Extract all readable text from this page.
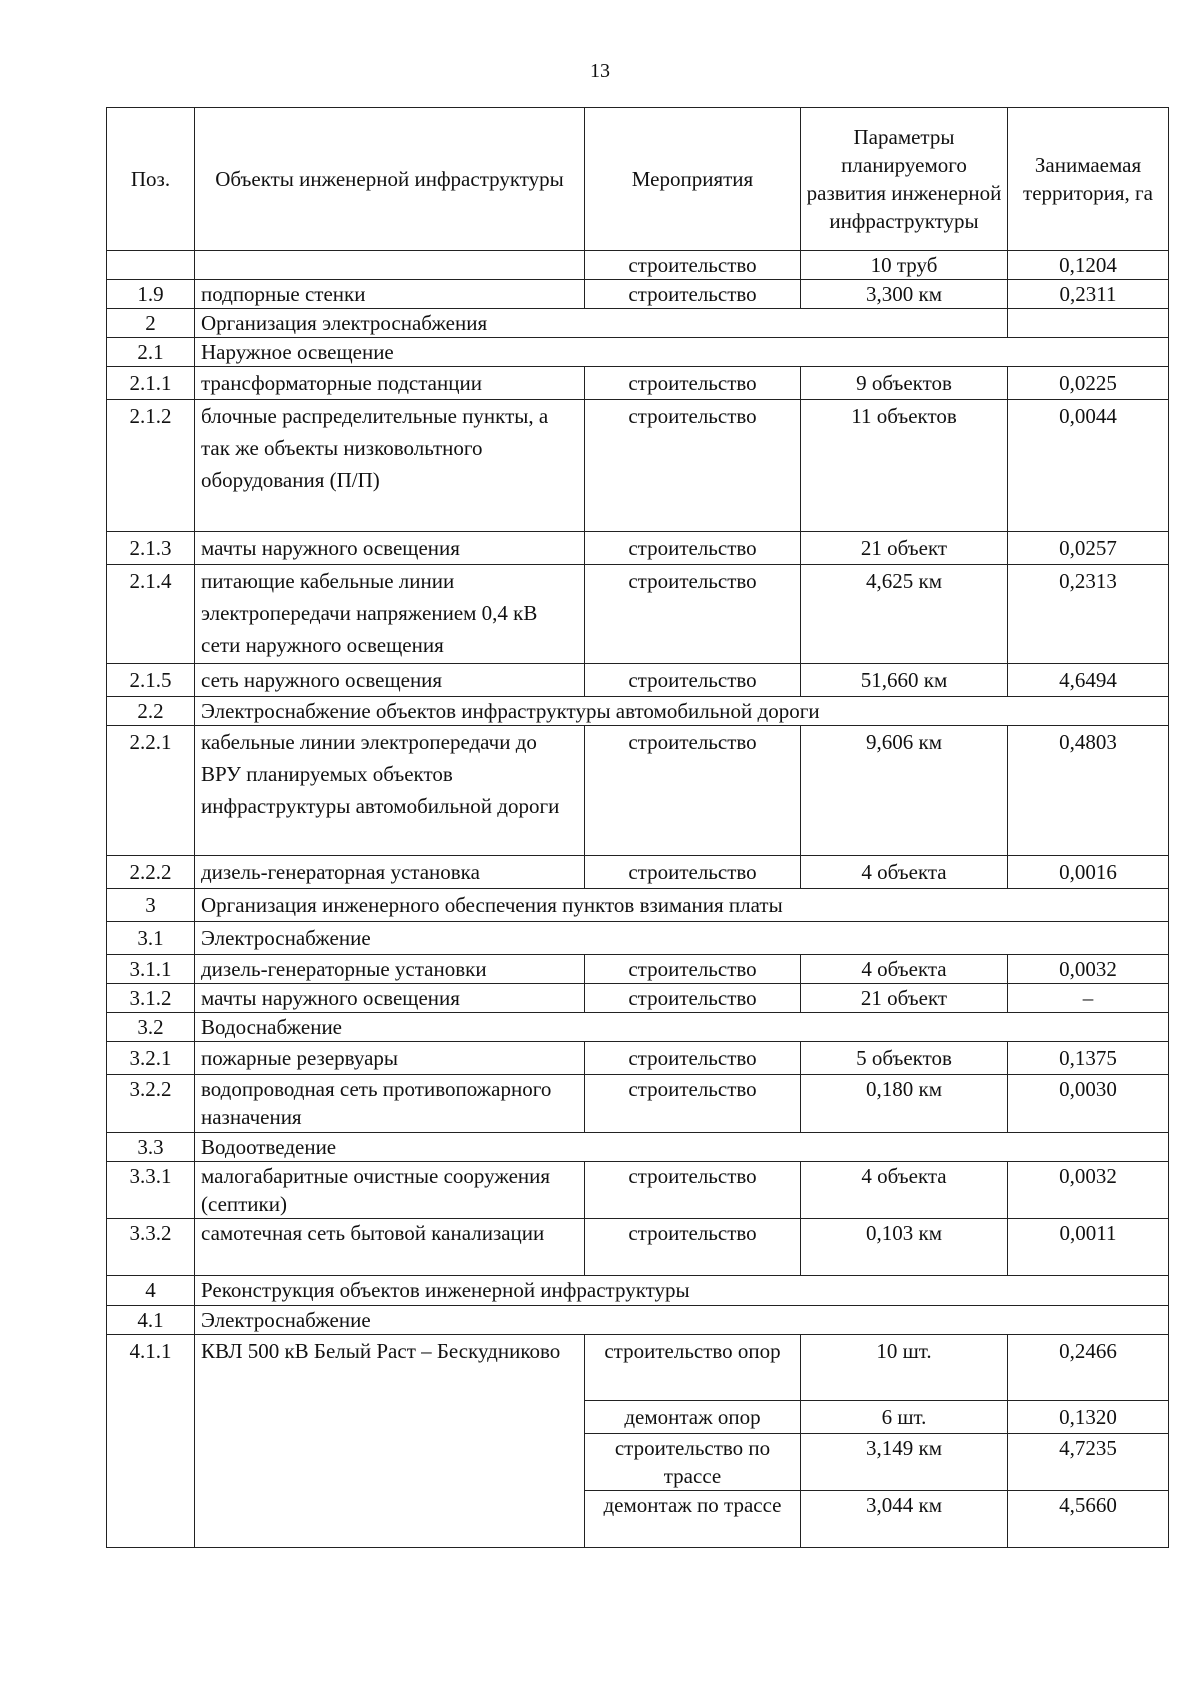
13
Поз.	Объекты инженерной инфраструктуры	Мероприятия	Параметры планируемого развития инженерной инфраструктуры	Занимаемая территория, га
		строительство	10 труб	0,1204
1.9	подпорные стенки	строительство	3,300 км	0,2311
2	Организация электроснабжения			
2.1	Наружное освещение			
2.1.1	трансформаторные подстанции	строительство	9 объектов	0,0225
2.1.2	блочные распределительные пункты, а так же объекты низковольтного оборудования (П/П)	строительство	11 объектов	0,0044
2.1.3	мачты наружного освещения	строительство	21 объект	0,0257
2.1.4	питающие кабельные линии электропередачи напряжением 0,4 кВ сети наружного освещения	строительство	4,625 км	0,2313
2.1.5	сеть наружного освещения	строительство	51,660 км	4,6494
2.2	Электроснабжение объектов инфраструктуры автомобильной дороги			
2.2.1	кабельные линии электропередачи до ВРУ планируемых объектов инфраструктуры автомобильной дороги	строительство	9,606 км	0,4803
2.2.2	дизель-генераторная установка	строительство	4 объекта	0,0016
3	Организация инженерного обеспечения пунктов взимания платы			
3.1	Электроснабжение			
3.1.1	дизель-генераторные установки	строительство	4 объекта	0,0032
3.1.2	мачты наружного освещения	строительство	21 объект	–
3.2	Водоснабжение			
3.2.1	пожарные резервуары	строительство	5 объектов	0,1375
3.2.2	водопроводная сеть противопожарного назначения	строительство	0,180 км	0,0030
3.3	Водоотведение			
3.3.1	малогабаритные очистные сооружения (септики)	строительство	4 объекта	0,0032
3.3.2	самотечная сеть бытовой канализации	строительство	0,103 км	0,0011
4	Реконструкция объектов инженерной инфраструктуры			
4.1	Электроснабжение			
4.1.1	КВЛ 500 кВ Белый Раст – Бескудниково	строительство опор	10 шт.	0,2466
		демонтаж опор	6 шт.	0,1320
		строительство по трассе	3,149 км	4,7235
		демонтаж по трассе	3,044 км	4,5660
